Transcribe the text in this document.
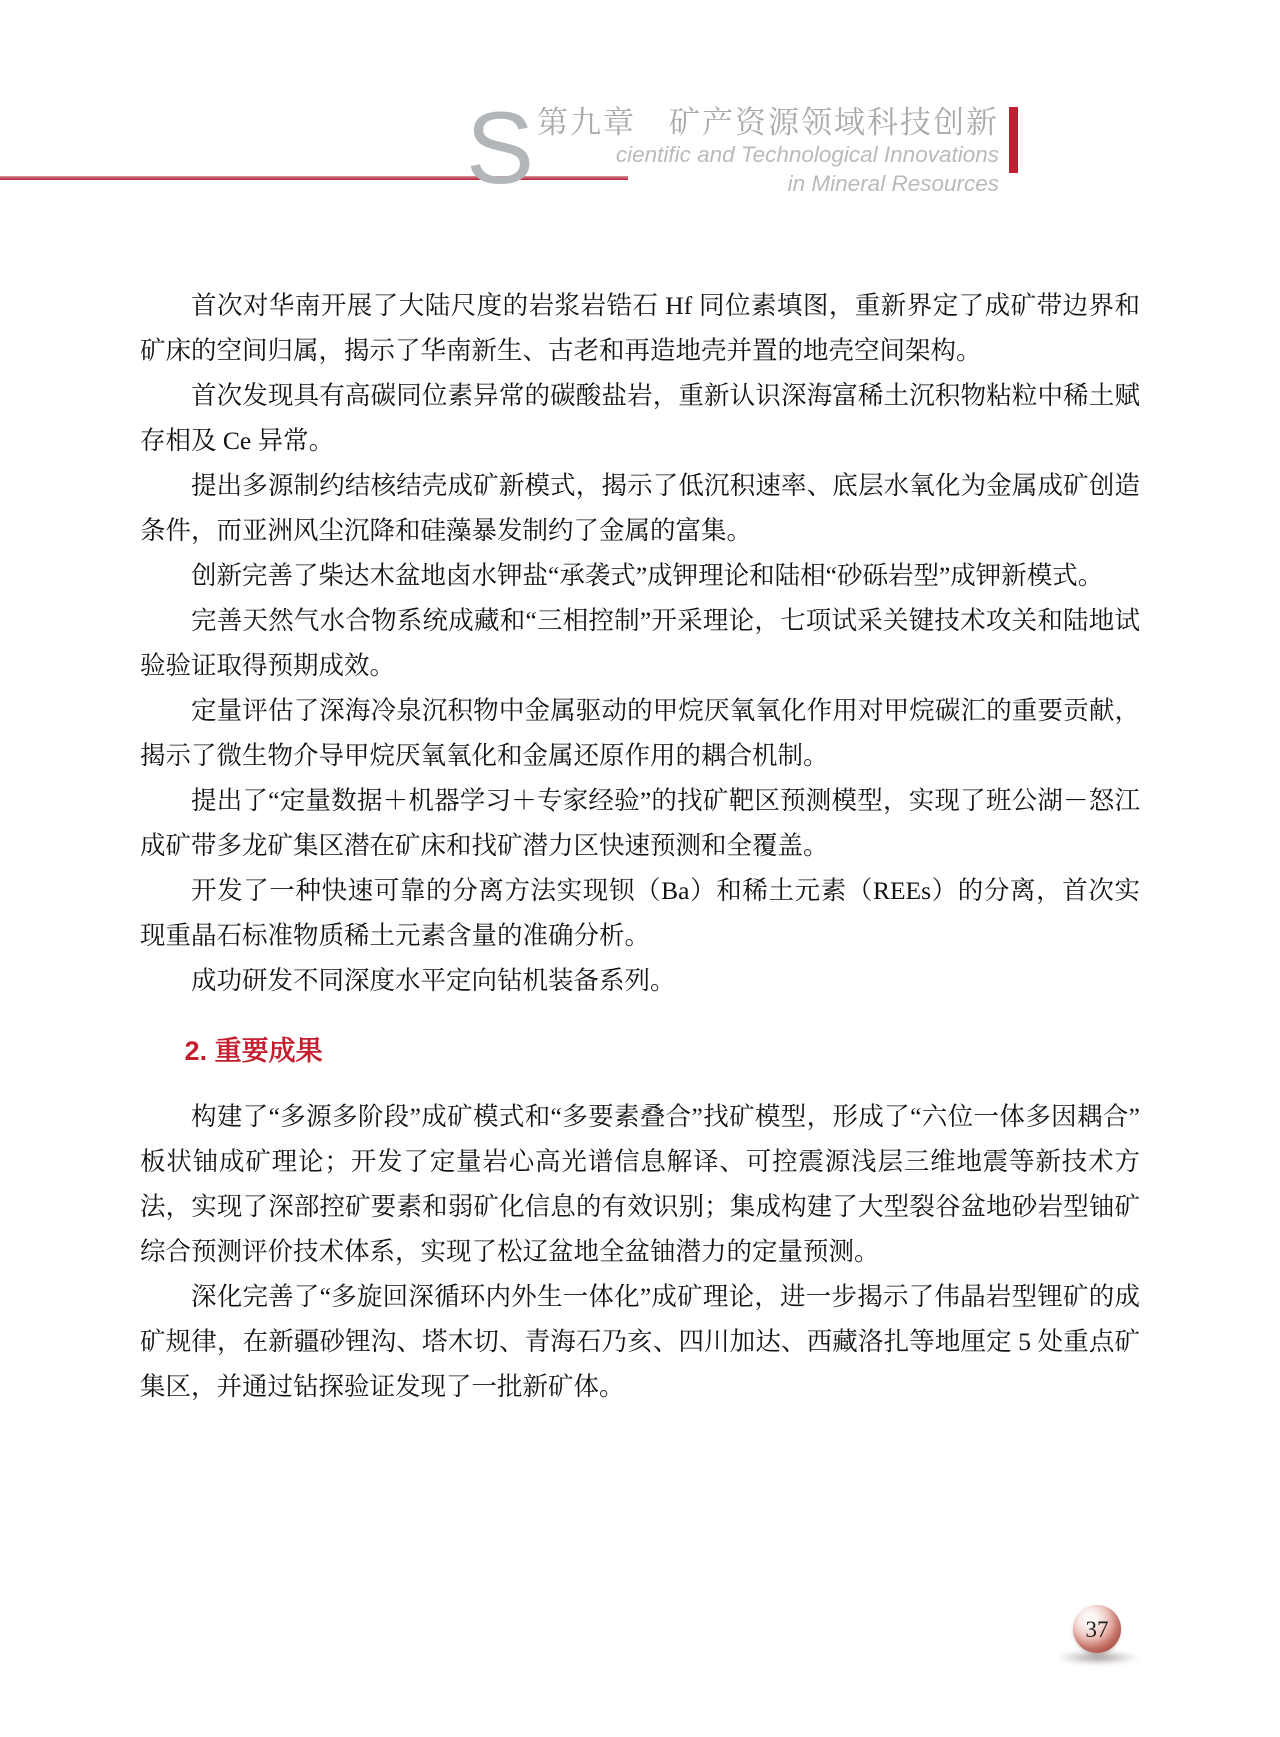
S 第九章　矿产资源领域科技创新
cientific and Technological Innovations
in Mineral Resources

首次对华南开展了大陆尺度的岩浆岩锆石 Hf 同位素填图，重新界定了成矿带边界和矿床的空间归属，揭示了华南新生、古老和再造地壳并置的地壳空间架构。

首次发现具有高碳同位素异常的碳酸盐岩，重新认识深海富稀土沉积物粘粒中稀土赋存相及 Ce 异常。

提出多源制约结核结壳成矿新模式，揭示了低沉积速率、底层水氧化为金属成矿创造条件，而亚洲风尘沉降和硅藻暴发制约了金属的富集。

创新完善了柴达木盆地卤水钾盐“承袭式”成钾理论和陆相“砂砾岩型”成钾新模式。

完善天然气水合物系统成藏和“三相控制”开采理论，七项试采关键技术攻关和陆地试验验证取得预期成效。

定量评估了深海冷泉沉积物中金属驱动的甲烷厌氧氧化作用对甲烷碳汇的重要贡献，揭示了微生物介导甲烷厌氧氧化和金属还原作用的耦合机制。

提出了“定量数据＋机器学习＋专家经验”的找矿靶区预测模型，实现了班公湖－怒江成矿带多龙矿集区潜在矿床和找矿潜力区快速预测和全覆盖。

开发了一种快速可靠的分离方法实现钡（Ba）和稀土元素（REEs）的分离，首次实现重晶石标准物质稀土元素含量的准确分析。

成功研发不同深度水平定向钻机装备系列。

2. 重要成果

构建了“多源多阶段”成矿模式和“多要素叠合”找矿模型，形成了“六位一体多因耦合”板状铀成矿理论；开发了定量岩心高光谱信息解译、可控震源浅层三维地震等新技术方法，实现了深部控矿要素和弱矿化信息的有效识别；集成构建了大型裂谷盆地砂岩型铀矿综合预测评价技术体系，实现了松辽盆地全盆铀潜力的定量预测。

深化完善了“多旋回深循环内外生一体化”成矿理论，进一步揭示了伟晶岩型锂矿的成矿规律，在新疆砂锂沟、塔木切、青海石乃亥、四川加达、西藏洛扎等地厘定 5 处重点矿集区，并通过钻探验证发现了一批新矿体。

37
